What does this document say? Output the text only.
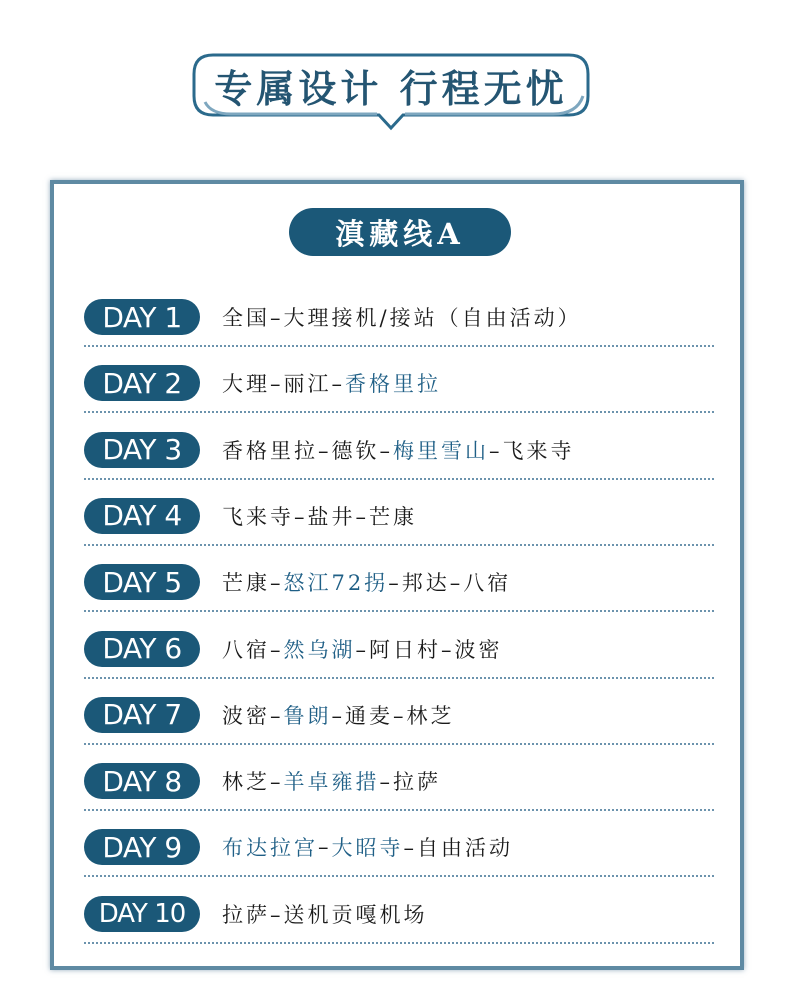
专属设计 行程无忧
滇藏线A
DAY 1	全国–大理接机/接站（自由活动）
DAY 2	大理–丽江– 香格里拉
DAY 3	香格里拉–德钦– 梅里雪山 –飞来寺
DAY 4	飞来寺–盐井–芒康
DAY 5	芒康– 怒江72拐 –邦达–八宿
DAY 6	八宿– 然乌湖 –阿日村–波密
DAY 7	波密– 鲁朗 –通麦–林芝
DAY 8	林芝– 羊卓雍措 –拉萨
DAY 9	布达拉宫 – 大昭寺 –自由活动
DAY 10	拉萨–送机贡嘎机场
